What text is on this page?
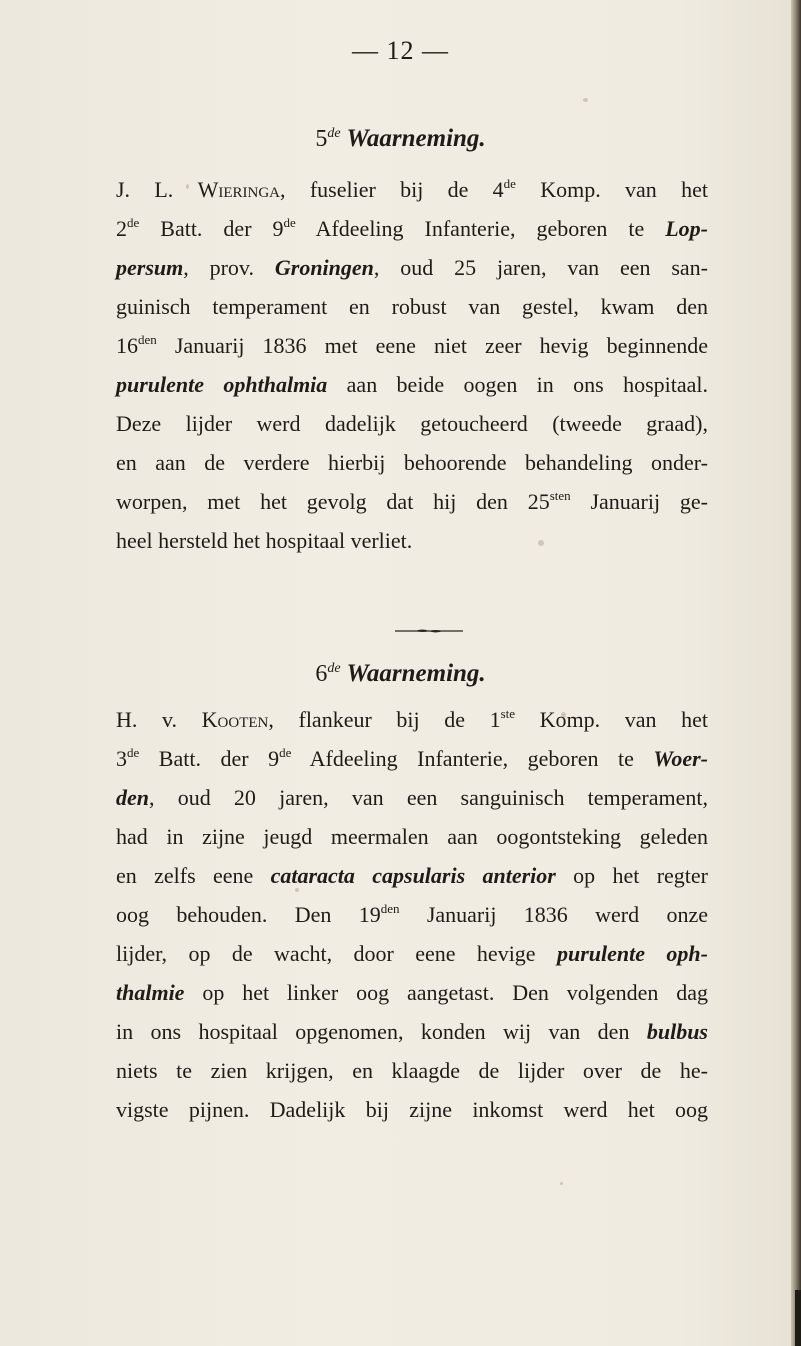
— 12 —
5de Waarneming.
J. L. Wieringa, fuselier bij de 4de Komp. van het
2de Batt. der 9de Afdeeling Infanterie, geboren te Lop-
persum, prov. Groningen, oud 25 jaren, van een san-
guinisch temperament en robust van gestel, kwam den
$16^{den}$ Januarij 1836 met eene niet zeer hevig beginnende
purulente ophthalmia aan beide oogen in ons hospitaal.
Deze lijder werd dadelijk getoucheerd (tweede graad),
en aan de verdere hierbij behoorende behandeling onder-
worpen, met het gevolg dat hij den $25^{sten}$ Januarij ge-
heel hersteld het hospitaal verliet.
6de Waarneming.
H. v. Kooten, flankeur bij de 1ste Komp. van het
3de Batt. der 9de Afdeeling Infanterie, geboren te Woer-
den, oud 20 jaren, van een sanguinisch temperament,
had in zijne jeugd meermalen aan oogontsteking geleden
en zelfs eene cataracta capsularis anterior op het regter
oog behouden. Den $19^{den}$ Januarij 1836 werd onze
lijder, op de wacht, door eene hevige purulente oph-
thalmie op het linker oog aangetast. Den volgenden dag
in ons hospitaal opgenomen, konden wij van den bulbus
niets te zien krijgen, en klaagde de lijder over de he-
vigste pijnen. Dadelijk bij zijne inkomst werd het oog
